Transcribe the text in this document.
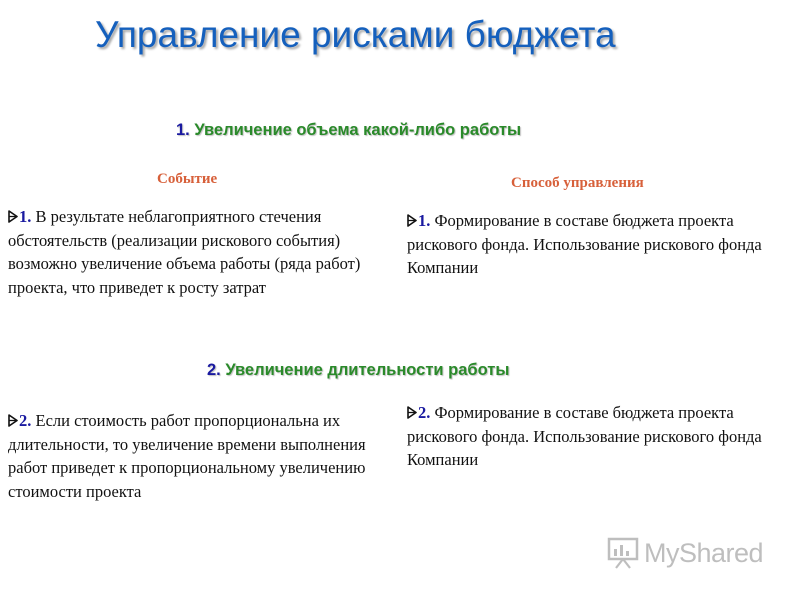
Управление рисками бюджета
1. Увеличение объема какой-либо работы
Событие	Способ управления
1. В результате неблагоприятного стечения обстоятельств (реализации рискового события) возможно увеличение объема работы (ряда работ) проекта, что приведет к росту затрат
1. Формирование в составе бюджета проекта рискового фонда. Использование рискового фонда Компании
2. Увеличение длительности работы
2. Если стоимость работ пропорциональна их длительности, то увеличение времени выполнения работ приведет к пропорциональному увеличению стоимости проекта
2. Формирование в составе бюджета проекта рискового фонда. Использование рискового фонда Компании
MyShared
